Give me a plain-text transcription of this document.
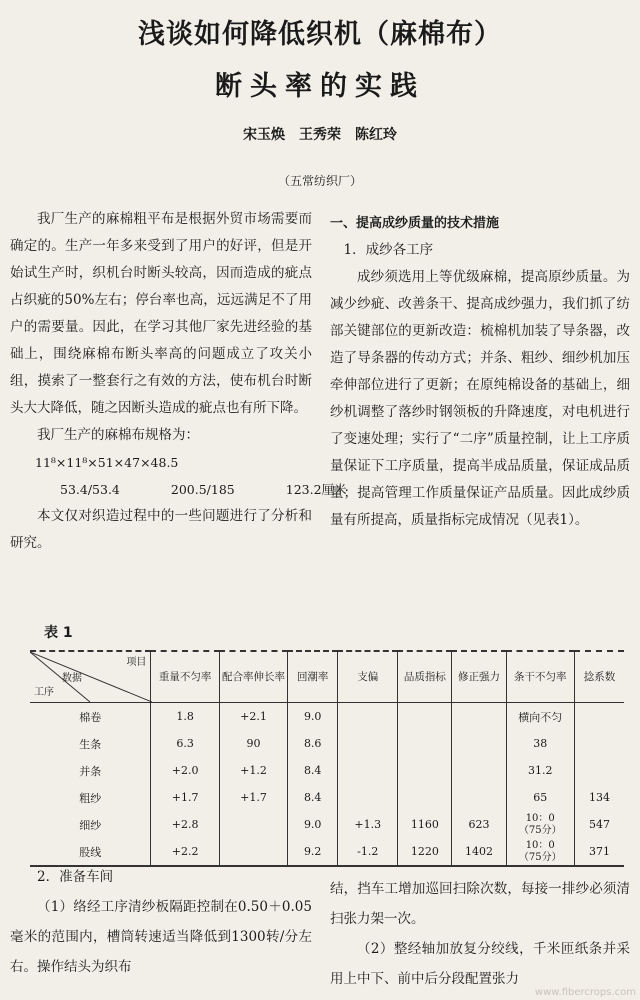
浅谈如何降低织机（麻棉布）
断头率的实践
宋玉焕　王秀荣　陈红玲
（五常纺织厂）

我厂生产的麻棉粗平布是根据外贸市场需要而确定的。生产一年多来受到了用户的好评，但是开始试生产时，织机台时断头较高，因而造成的疵点占织疵的50%左右；停台率也高，远远满足不了用户的需要量。因此，在学习其他厂家先进经验的基础上，围绕麻棉布断头率高的问题成立了攻关小组，摸索了一整套行之有效的方法，使布机台时断头大大降低，随之因断头造成的疵点也有所下降。

我厂生产的麻棉布规格为：

11⁸×11⁸×51×47×48.5
53.4/53.4	200.5/185	123.2厘米

本文仅对织造过程中的一些问题进行了分析和研究。

一、提高成纱质量的技术措施

1．成纱各工序

成纱须选用上等优级麻棉，提高原纱质量。为减少纱疵、改善条干、提高成纱强力，我们抓了纺部关键部位的更新改造：梳棉机加装了导条器，改造了导条器的传动方式；并条、粗纱、细纱机加压牵伸部位进行了更新；在原纯棉设备的基础上，细纱机调整了落纱时钢领板的升降速度，对电机进行了变速处理；实行了“二序”质量控制，让上工序质量保证下工序质量，提高半成品质量，保证成品质量；提高管理工作质量保证产品质量。因此成纱质量有所提高，质量指标完成情况（见表1）。

表 1
项目
数据
工序	重量不匀率	配合率伸长率	回潮率	支偏	品质指标	修正强力	条干不匀率	捻系数
棉卷	1.8	+2.1	9.0				横向不匀	
生条	6.3	90	8.6				38	
并条	+2.0	+1.2	8.4				31.2	
粗纱	+1.7	+1.7	8.4				65	134
细纱	+2.8		9.0	+1.3	1160	623	10：0
（75分）	547
股线	+2.2		9.2	-1.2	1220	1402	10：0
（75分）	371

2．准备车间

（1）络经工序清纱板隔距控制在0.50＋0.05毫米的范围内，槽筒转速适当降低到1300转/分左右。操作结头为织布

结，挡车工增加巡回扫除次数，每接一排纱必须清扫张力架一次。

（2）整经轴加放复分绞线，千米匝纸条并采用上中下、前中后分段配置张力

www.fibercrops.com
